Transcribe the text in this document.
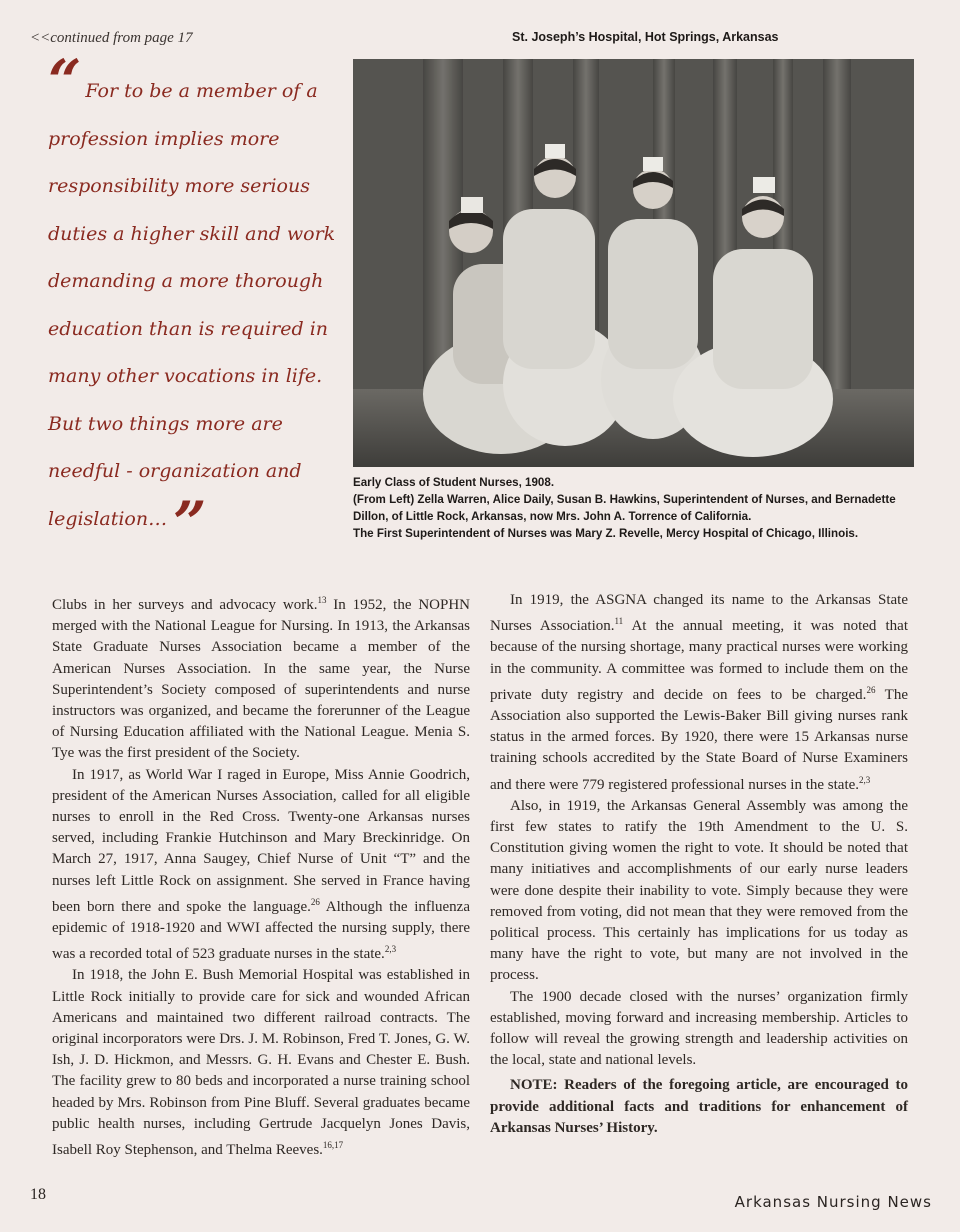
<<continued from page 17	St. Joseph’s Hospital, Hot Springs, Arkansas
“ For to be a member of a profession implies more responsibility more serious duties a higher skill and work demanding a more thorough education than is required in many other vocations in life. But two things more are needful - organization and legislation… ”
Early Class of Student Nurses, 1908.
(From Left) Zella Warren, Alice Daily, Susan B. Hawkins, Superintendent of Nurses, and Bernadette Dillon, of Little Rock, Arkansas, now Mrs. John A. Torrence of California.
The First Superintendent of Nurses was Mary Z. Revelle, Mercy Hospital of Chicago, Illinois.

Clubs in her surveys and advocacy work.$^{13}$ In 1952, the NOPHN merged with the National League for Nursing. In 1913, the Arkansas State Graduate Nurses Association became a member of the American Nurses Association. In the same year, the Nurse Superintendent’s Society composed of superintendents and nurse instructors was organized, and became the forerunner of the League of Nursing Education affiliated with the National League. Menia S. Tye was the first president of the Society.

In 1917, as World War I raged in Europe, Miss Annie Goodrich, president of the American Nurses Association, called for all eligible nurses to enroll in the Red Cross. Twenty-one Arkansas nurses served, including Frankie Hutchinson and Mary Breckinridge. On March 27, 1917, Anna Saugey, Chief Nurse of Unit “T” and the nurses left Little Rock on assignment. She served in France having been born there and spoke the language.$^{26}$ Although the influenza epidemic of 1918-1920 and WWI affected the nursing supply, there was a recorded total of 523 graduate nurses in the state.$^{2,3}$

In 1918, the John E. Bush Memorial Hospital was established in Little Rock initially to provide care for sick and wounded African Americans and maintained two different railroad contracts. The original incorporators were Drs. J. M. Robinson, Fred T. Jones, G. W. Ish, J. D. Hickmon, and Messrs. G. H. Evans and Chester E. Bush. The facility grew to 80 beds and incorporated a nurse training school headed by Mrs. Robinson from Pine Bluff. Several graduates became public health nurses, including Gertrude Jacquelyn Jones Davis, Isabell Roy Stephenson, and Thelma Reeves.$^{16,17}$

In 1919, the ASGNA changed its name to the Arkansas State Nurses Association.$^{11}$ At the annual meeting, it was noted that because of the nursing shortage, many practical nurses were working in the community. A committee was formed to include them on the private duty registry and decide on fees to be charged.$^{26}$ The Association also supported the Lewis-Baker Bill giving nurses rank status in the armed forces. By 1920, there were 15 Arkansas nurse training schools accredited by the State Board of Nurse Examiners and there were 779 registered professional nurses in the state.$^{2,3}$

Also, in 1919, the Arkansas General Assembly was among the first few states to ratify the 19th Amendment to the U. S. Constitution giving women the right to vote. It should be noted that many initiatives and accomplishments of our early nurse leaders were done despite their inability to vote. Simply because they were removed from voting, did not mean that they were removed from the political process. This certainly has implications for us today as many have the right to vote, but many are not involved in the process.

The 1900 decade closed with the nurses’ organization firmly established, moving forward and increasing membership. Articles to follow will reveal the growing strength and leadership activities on the local, state and national levels.

NOTE: Readers of the foregoing article, are encouraged to provide additional facts and traditions for enhancement of Arkansas Nurses’ History.

18	Arkansas Nursing News
